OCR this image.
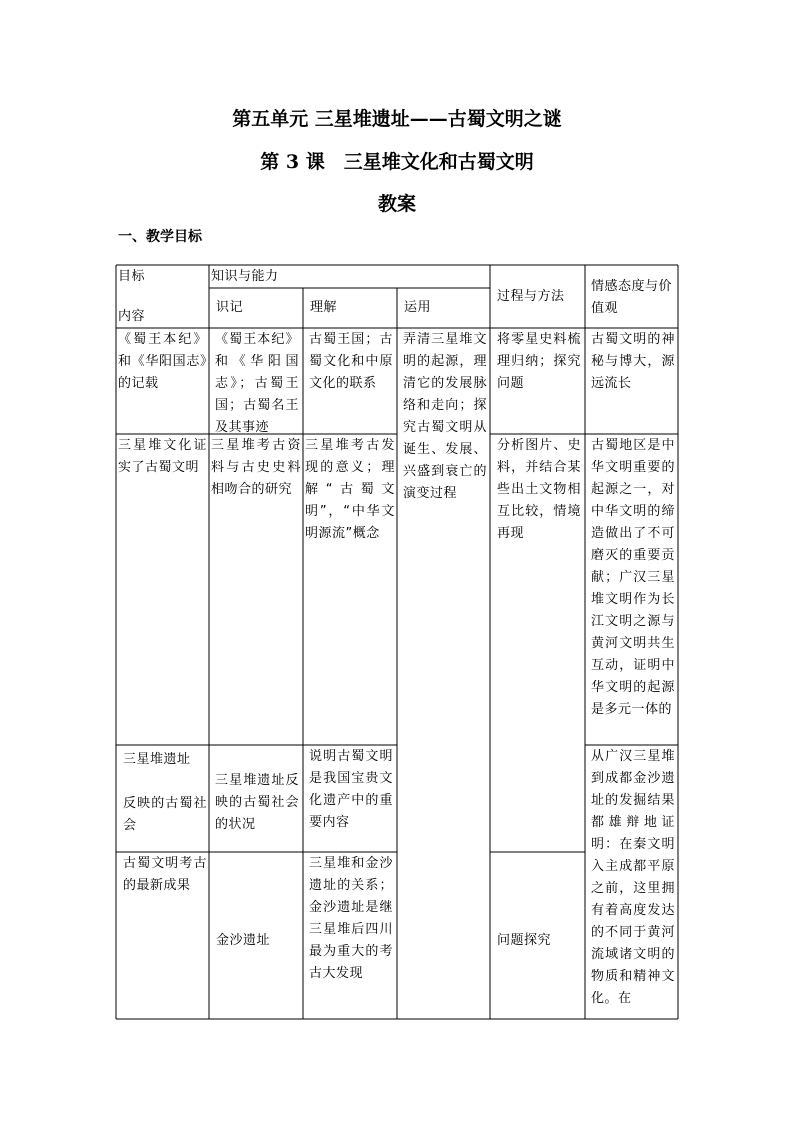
第五单元 三星堆遗址——古蜀文明之谜
第 3 课　三星堆文化和古蜀文明
教案

一、教学目标

目标
内容
知识与能力
识记	理解	运用
过程与方法
情感态度与价值观
《蜀王本纪》和《华阳国志》的记载
《蜀王本纪》和《华阳国志》；古蜀王国；古蜀名王及其事迹
古蜀王国；古蜀文化和中原文化的联系
弄清三星堆文明的起源，理清它的发展脉络和走向；探究古蜀文明从诞生、发展、兴盛到衰亡的演变过程
将零星史料梳理归纳；探究问题
古蜀文明的神秘与博大，源远流长
三星堆文化证实了古蜀文明
三星堆考古资料与古史史料相吻合的研究
三星堆考古发现的意义；理解“古蜀文明”，“中华文明源流”概念
分析图片、史料，并结合某些出土文物相互比较，情境再现
古蜀地区是中华文明重要的起源之一，对中华文明的缔造做出了不可磨灭的重要贡献；广汉三星堆文明作为长江文明之源与黄河文明共生互动，证明中华文明的起源是多元一体的
三星堆遗址
反映的古蜀社会
三星堆遗址反映的古蜀社会的状况
说明古蜀文明是我国宝贵文化遗产中的重要内容
从广汉三星堆到成都金沙遗址的发掘结果都雄辩地证明：在秦文明入主成都平原之前，这里拥有着高度发达的不同于黄河流域诸文明的物质和精神文化。在
古蜀文明考古的最新成果
金沙遗址
三星堆和金沙遗址的关系；金沙遗址是继三星堆后四川最为重大的考古大发现
问题探究
